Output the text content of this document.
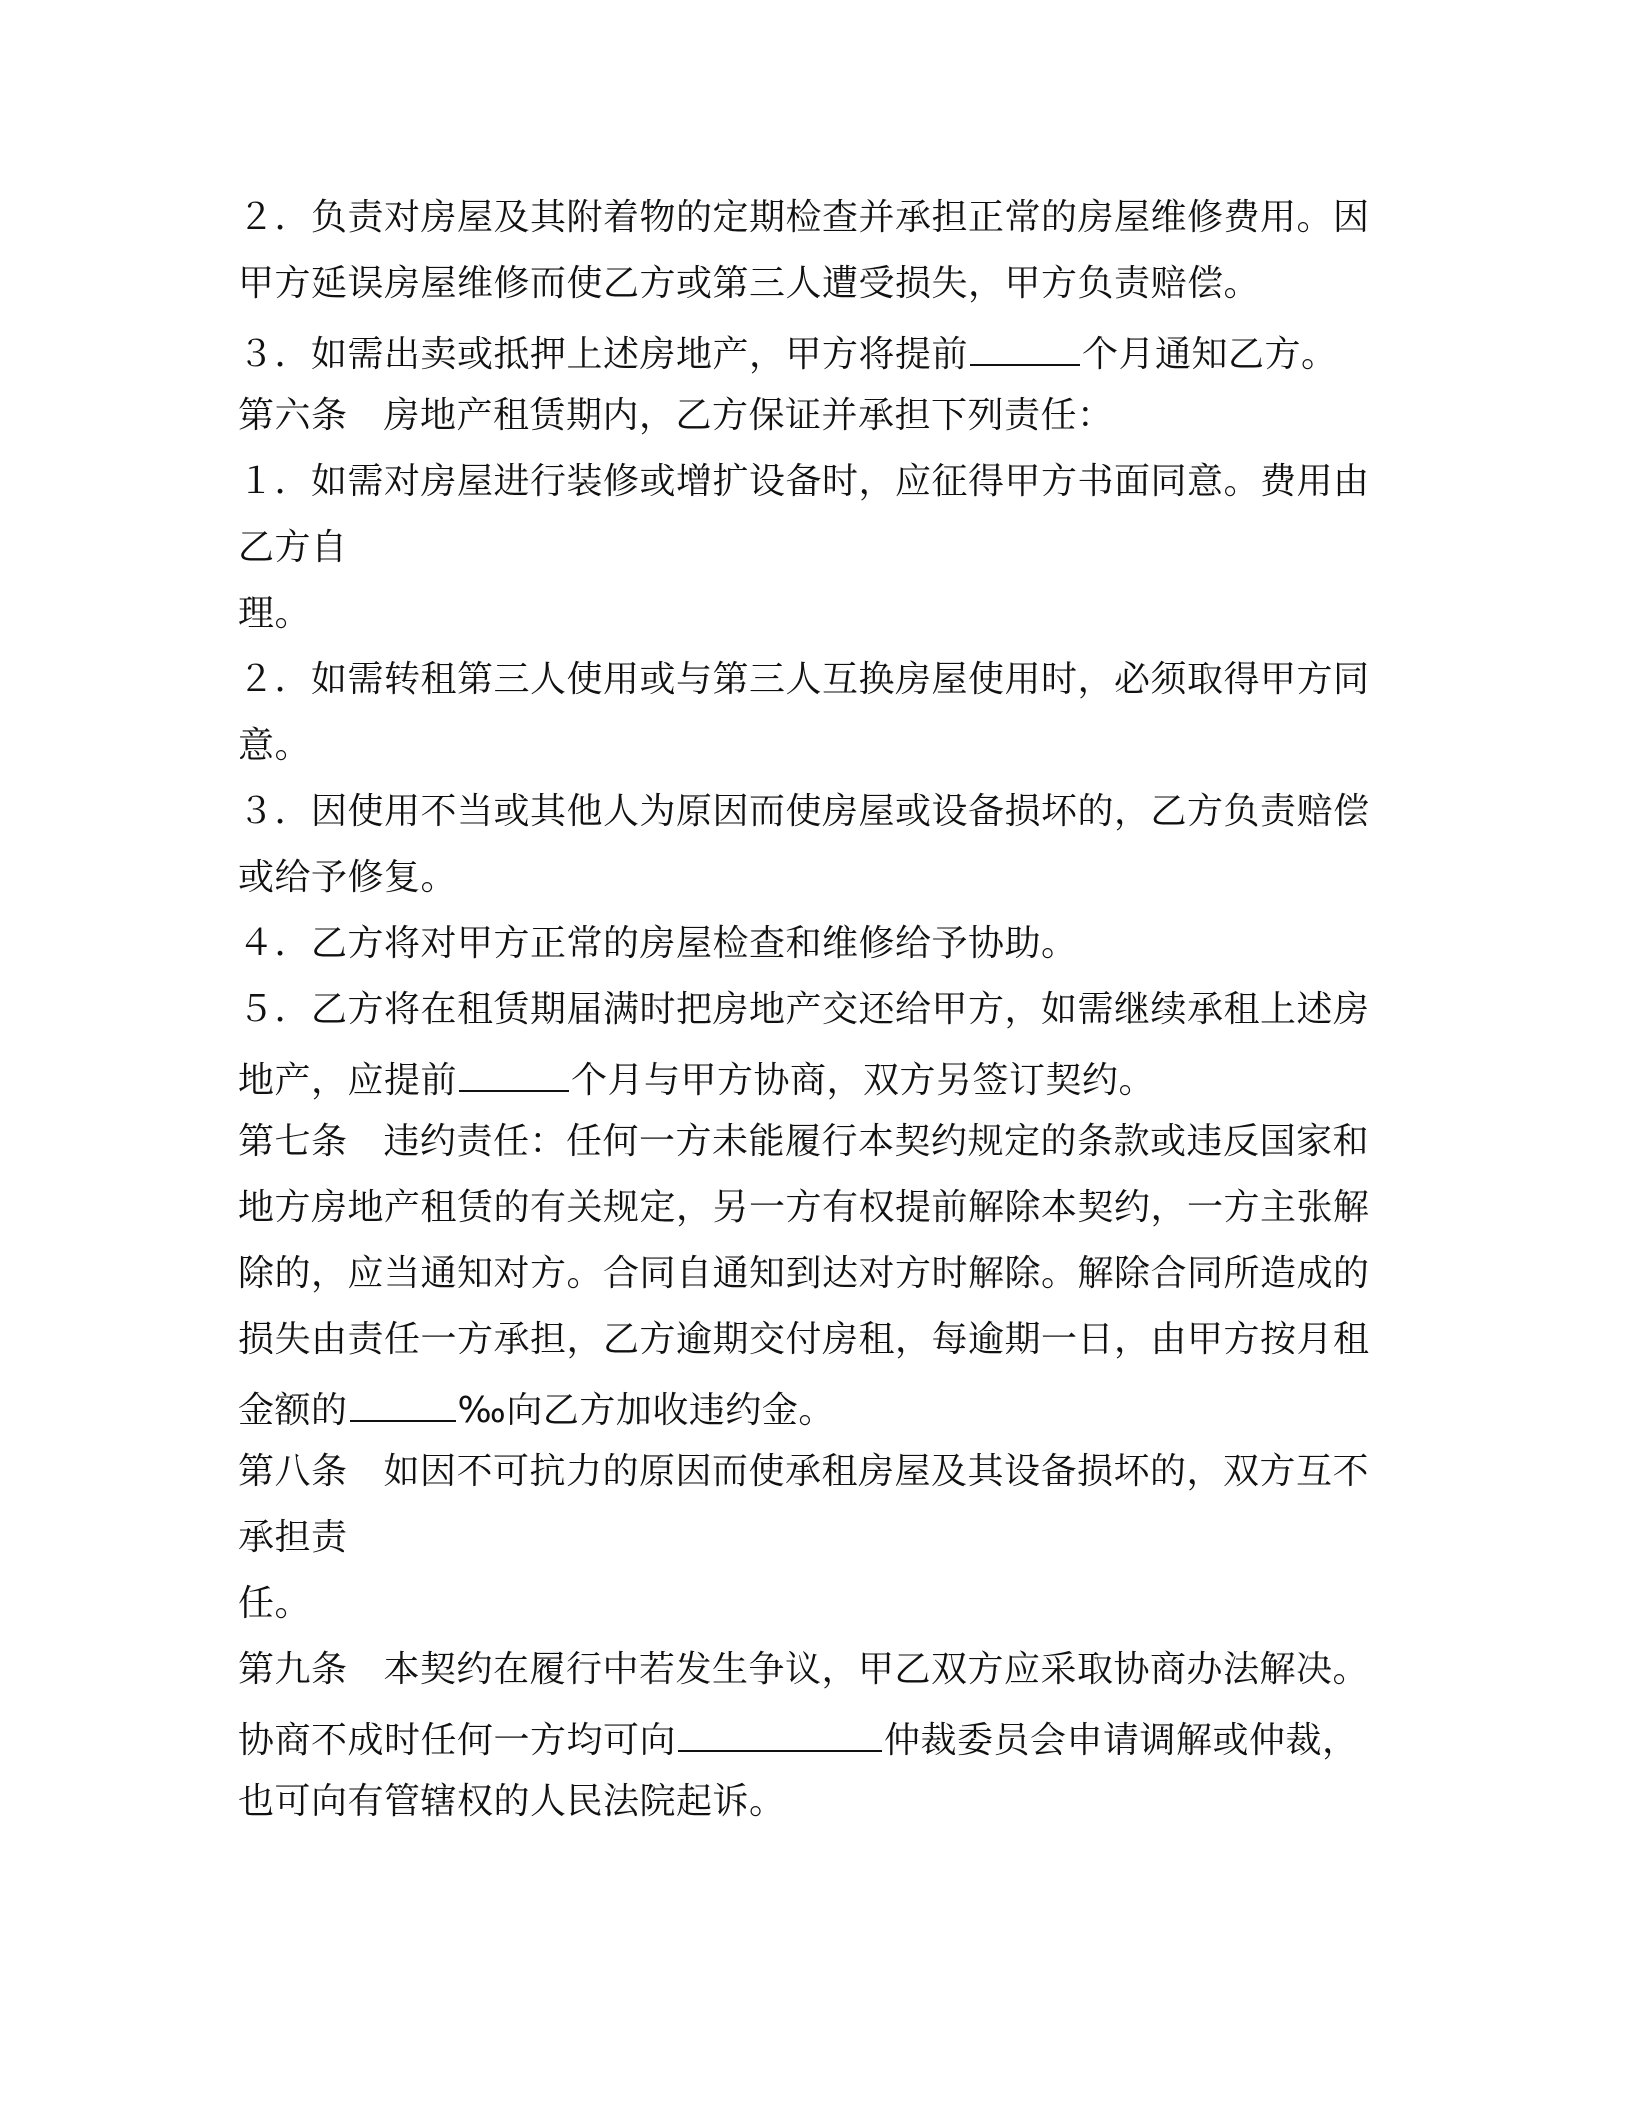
２．负责对房屋及其附着物的定期检查并承担正常的房屋维修费用。因
甲方延误房屋维修而使乙方或第三人遭受损失，甲方负责赔偿。
３．如需出卖或抵押上述房地产，甲方将提前	个月通知乙方。
第六条 房地产租赁期内，乙方保证并承担下列责任：
１．如需对房屋进行装修或增扩设备时，应征得甲方书面同意。费用由
乙方自
理。
２．如需转租第三人使用或与第三人互换房屋使用时，必须取得甲方同
意。
３．因使用不当或其他人为原因而使房屋或设备损坏的，乙方负责赔偿
或给予修复。
４．乙方将对甲方正常的房屋检查和维修给予协助。
５．乙方将在租赁期届满时把房地产交还给甲方，如需继续承租上述房
地产，应提前	个月与甲方协商，双方另签订契约。
第七条 违约责任：任何一方未能履行本契约规定的条款或违反国家和
地方房地产租赁的有关规定，另一方有权提前解除本契约，一方主张解
除的，应当通知对方。合同自通知到达对方时解除。解除合同所造成的
损失由责任一方承担，乙方逾期交付房租，每逾期一日，由甲方按月租
金额的	‰向乙方加收违约金。
第八条 如因不可抗力的原因而使承租房屋及其设备损坏的，双方互不
承担责
任。
第九条 本契约在履行中若发生争议，甲乙双方应采取协商办法解决。
协商不成时任何一方均可向	仲裁委员会申请调解或仲裁，
也可向有管辖权的人民法院起诉。
